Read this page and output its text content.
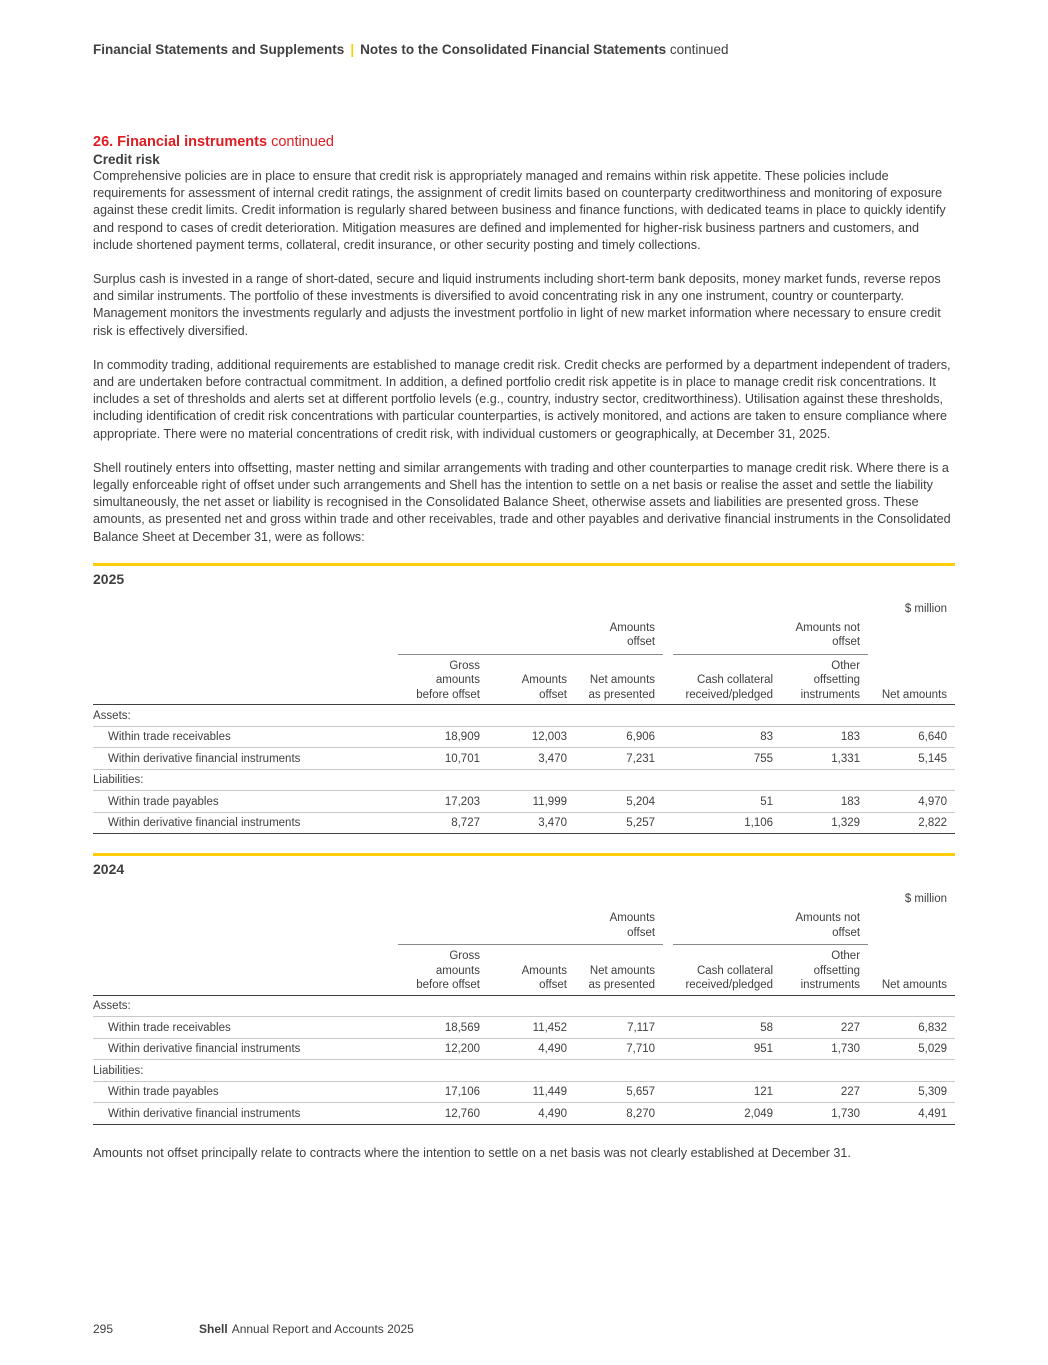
Financial Statements and Supplements | Notes to the Consolidated Financial Statements continued
26. Financial instruments continued
Credit risk

Comprehensive policies are in place to ensure that credit risk is appropriately managed and remains within risk appetite. These policies include requirements for assessment of internal credit ratings, the assignment of credit limits based on counterparty creditworthiness and monitoring of exposure against these credit limits. Credit information is regularly shared between business and finance functions, with dedicated teams in place to quickly identify and respond to cases of credit deterioration. Mitigation measures are defined and implemented for higher-risk business partners and customers, and include shortened payment terms, collateral, credit insurance, or other security posting and timely collections.

Surplus cash is invested in a range of short-dated, secure and liquid instruments including short-term bank deposits, money market funds, reverse repos and similar instruments. The portfolio of these investments is diversified to avoid concentrating risk in any one instrument, country or counterparty. Management monitors the investments regularly and adjusts the investment portfolio in light of new market information where necessary to ensure credit risk is effectively diversified.

In commodity trading, additional requirements are established to manage credit risk. Credit checks are performed by a department independent of traders, and are undertaken before contractual commitment. In addition, a defined portfolio credit risk appetite is in place to manage credit risk concentrations. It includes a set of thresholds and alerts set at different portfolio levels (e.g., country, industry sector, creditworthiness). Utilisation against these thresholds, including identification of credit risk concentrations with particular counterparties, is actively monitored, and actions are taken to ensure compliance where appropriate. There were no material concentrations of credit risk, with individual customers or geographically, at December 31, 2025.

Shell routinely enters into offsetting, master netting and similar arrangements with trading and other counterparties to manage credit risk. Where there is a legally enforceable right of offset under such arrangements and Shell has the intention to settle on a net basis or realise the asset and settle the liability simultaneously, the net asset or liability is recognised in the Consolidated Balance Sheet, otherwise assets and liabilities are presented gross. These amounts, as presented net and gross within trade and other receivables, trade and other payables and derivative financial instruments in the Consolidated Balance Sheet at December 31, were as follows:

2025
$ million

	Amounts offset				Amounts not offset		

	Gross amounts before offset	Amounts offset	Net amounts as presented		Cash collateral received/pledged	Other offsetting instruments	Net amounts
Assets:							
Within trade receivables	18,909	12,003	6,906		83	183	6,640
Within derivative financial instruments	10,701	3,470	7,231		755	1,331	5,145
Liabilities:							
Within trade payables	17,203	11,999	5,204		51	183	4,970
Within derivative financial instruments	8,727	3,470	5,257		1,106	1,329	2,822
2024
$ million

	Amounts offset				Amounts not offset		

	Gross amounts before offset	Amounts offset	Net amounts as presented		Cash collateral received/pledged	Other offsetting instruments	Net amounts
Assets:							
Within trade receivables	18,569	11,452	7,117		58	227	6,832
Within derivative financial instruments	12,200	4,490	7,710		951	1,730	5,029
Liabilities:							
Within trade payables	17,106	11,449	5,657		121	227	5,309
Within derivative financial instruments	12,760	4,490	8,270		2,049	1,730	4,491
Amounts not offset principally relate to contracts where the intention to settle on a net basis was not clearly established at December 31.
295	Shell Annual Report and Accounts 2025
